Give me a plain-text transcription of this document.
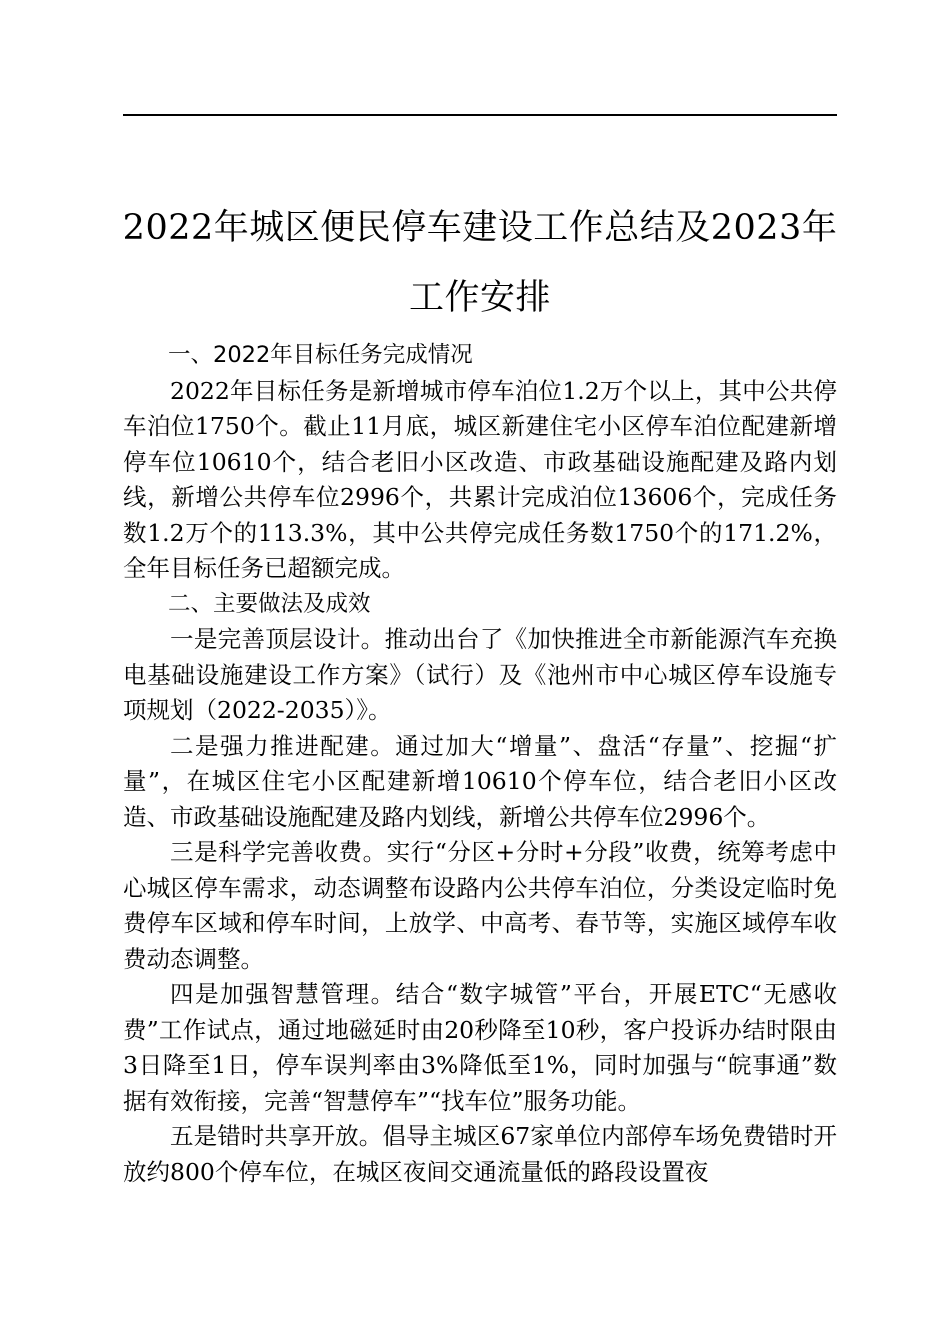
2022年城区便民停车建设工作总结及2023年
工作安排

一、2022年目标任务完成情况

2022年目标任务是新增城市停车泊位1.2万个以上，其中公共停车泊位1750个。截止11月底，城区新建住宅小区停车泊位配建新增停车位10610个，结合老旧小区改造、市政基础设施配建及路内划线，新增公共停车位2996个，共累计完成泊位13606个，完成任务数1.2万个的113.3%，其中公共停完成任务数1750个的171.2%，全年目标任务已超额完成。

二、主要做法及成效

一是完善顶层设计。推动出台了《加快推进全市新能源汽车充换电基础设施建设工作方案》（试行）及《池州市中心城区停车设施专项规划（2022-2035）》。

二是强力推进配建。通过加大“增量”、盘活“存量”、挖掘“扩量”，在城区住宅小区配建新增10610个停车位，结合老旧小区改造、市政基础设施配建及路内划线，新增公共停车位2996个。

三是科学完善收费。实行“分区+分时+分段”收费，统筹考虑中心城区停车需求，动态调整布设路内公共停车泊位，分类设定临时免费停车区域和停车时间，上放学、中高考、春节等，实施区域停车收费动态调整。

四是加强智慧管理。结合“数字城管”平台，开展ETC“无感收费”工作试点，通过地磁延时由20秒降至10秒，客户投诉办结时限由3日降至1日，停车误判率由3%降低至1%，同时加强与“皖事通”数据有效衔接，完善“智慧停车”“找车位”服务功能。

五是错时共享开放。倡导主城区67家单位内部停车场免费错时开放约800个停车位，在城区夜间交通流量低的路段设置夜
